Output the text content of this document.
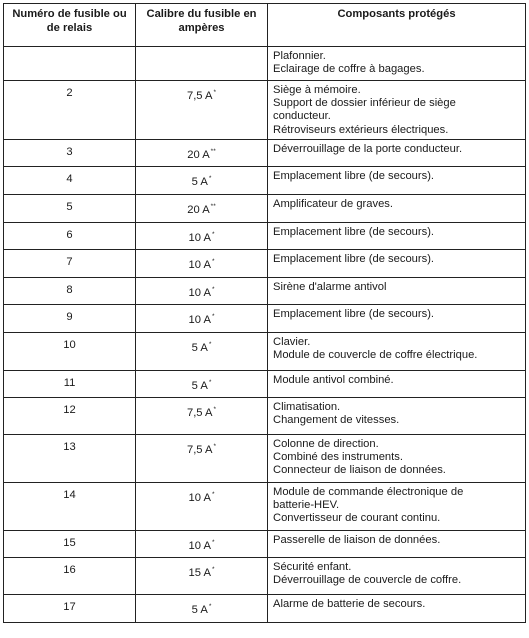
Numéro de fusible ou de relais	Calibre du fusible en ampères	Composants protégés

		Plafonnier.
Eclairage de coffre à bagages.

2	7,5 A*	Siège à mémoire.
Support de dossier inférieur de siège
conducteur.
Rétroviseurs extérieurs électriques.

3	20 A**	Déverrouillage de la porte conducteur.

4	5 A*	Emplacement libre (de secours).

5	20 A**	Amplificateur de graves.

6	10 A*	Emplacement libre (de secours).

7	10 A*	Emplacement libre (de secours).

8	10 A*	Sirène d'alarme antivol

9	10 A*	Emplacement libre (de secours).

10	5 A*	Clavier.
Module de couvercle de coffre électrique.

11	5 A*	Module antivol combiné.

12	7,5 A*	Climatisation.
Changement de vitesses.

13	7,5 A*	Colonne de direction.
Combiné des instruments.
Connecteur de liaison de données.

14	10 A*	Module de commande électronique de
batterie-HEV.
Convertisseur de courant continu.

15	10 A*	Passerelle de liaison de données.

16	15 A*	Sécurité enfant.
Déverrouillage de couvercle de coffre.

17	5 A*	Alarme de batterie de secours.
